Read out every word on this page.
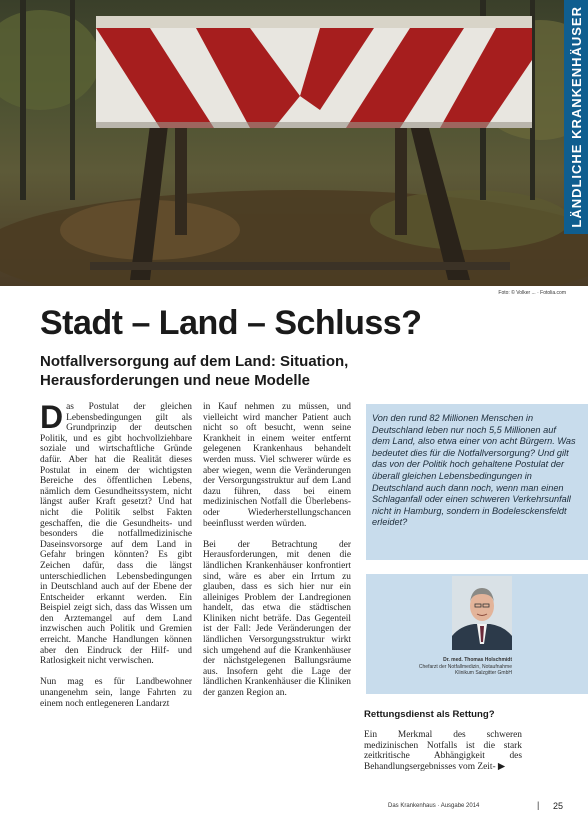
LÄNDLICHE KRANKENHÄUSER
Foto: © Volker ... · Fotolia.com
Stadt – Land – Schluss?
Notfallversorgung auf dem Land: Situation, Herausforderungen und neue Modelle

Das Postulat der gleichen Lebensbedingungen gilt als Grundprinzip der deutschen Politik, und es gibt hochvollziehbare soziale und wirtschaftliche Gründe dafür. Aber hat die Realität dieses Postulat in einem der wichtigsten Bereiche des öffentlichen Lebens, nämlich dem Gesundheitssystem, nicht längst außer Kraft gesetzt? Und hat nicht die Politik selbst Fakten geschaffen, die die Gesundheits- und besonders die notfallmedizinische Daseinsvorsorge auf dem Land in Gefahr bringen könnten? Es gibt Zeichen dafür, dass die längst unterschiedlichen Lebensbedingungen in Deutschland auch auf der Ebene der Entscheider erkannt werden. Ein Beispiel zeigt sich, dass das Wissen um den Arztemangel auf dem Land inzwischen auch Politik und Gremien erreicht. Manche Handlungen können aber den Eindruck der Hilf- und Ratlosigkeit nicht verwischen.

Nun mag es für Landbewohner unangenehm sein, lange Fahrten zu einem noch entlegeneren Landarzt

in Kauf nehmen zu müssen, und vielleicht wird mancher Patient auch nicht so oft besucht, wenn seine Krankheit in einem weiter entfernt gelegenen Krankenhaus behandelt werden muss. Viel schwerer würde es aber wiegen, wenn die Veränderungen der Versorgungsstruktur auf dem Land dazu führen, dass bei einem medizinischen Notfall die Überlebens- oder Wiederherstellungschancen beeinflusst werden würden.

Bei der Betrachtung der Herausforderungen, mit denen die ländlichen Krankenhäuser konfrontiert sind, wäre es aber ein Irrtum zu glauben, dass es sich hier nur ein alleiniges Problem der Landregionen handelt, das etwa die städtischen Kliniken nicht beträfe. Das Gegenteil ist der Fall: Jede Veränderungen der ländlichen Versorgungsstruktur wirkt sich umgehend auf die Krankenhäuser der nächstgelegenen Ballungsräume aus. Insofern geht die Lage der ländlichen Krankenhäuser die Kliniken der ganzen Region an.

Von den rund 82 Millionen Menschen in Deutschland leben nur noch 5,5 Millionen auf dem Land, also etwa einer von acht Bürgern. Was bedeutet dies für die Notfallversorgung? Und gilt das von der Politik hoch gehaltene Postulat der überall gleichen Lebensbedingungen in Deutschland auch dann noch, wenn man einen Schlaganfall oder einen schweren Verkehrsunfall nicht in Hamburg, sondern in Bodelesckensfeldt erleidet?

Dr. med. Thomas Holschmidt
Chefarzt der Notfallmedizin, Notaufnahme
Klinikum Salzgitter GmbH
Rettungsdienst als Rettung?

Ein Merkmal des schweren medizinischen Notfalls ist die stark zeitkritische Abhängigkeit des Behandlungsergebnisses vom Zeit- ▶

Das Krankenhaus · Ausgabe 2014	| 25
